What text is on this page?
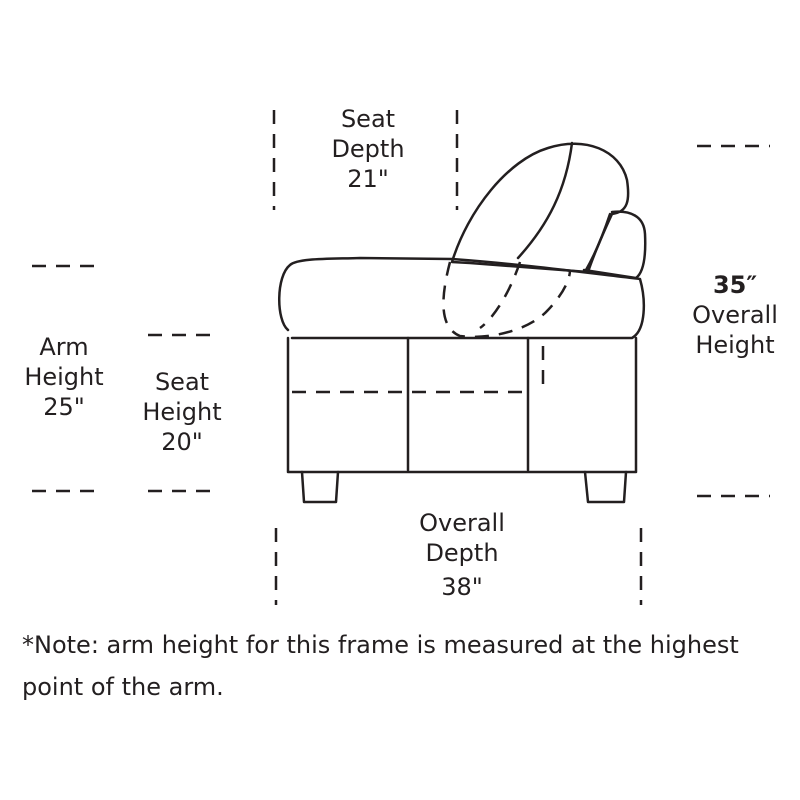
Seat
Depth
21"
35″
Overall
Height
Arm
Height
25"
Seat
Height
20"
Overall
Depth
38"
*Note: arm height for this frame is measured at the highest point of the arm.
